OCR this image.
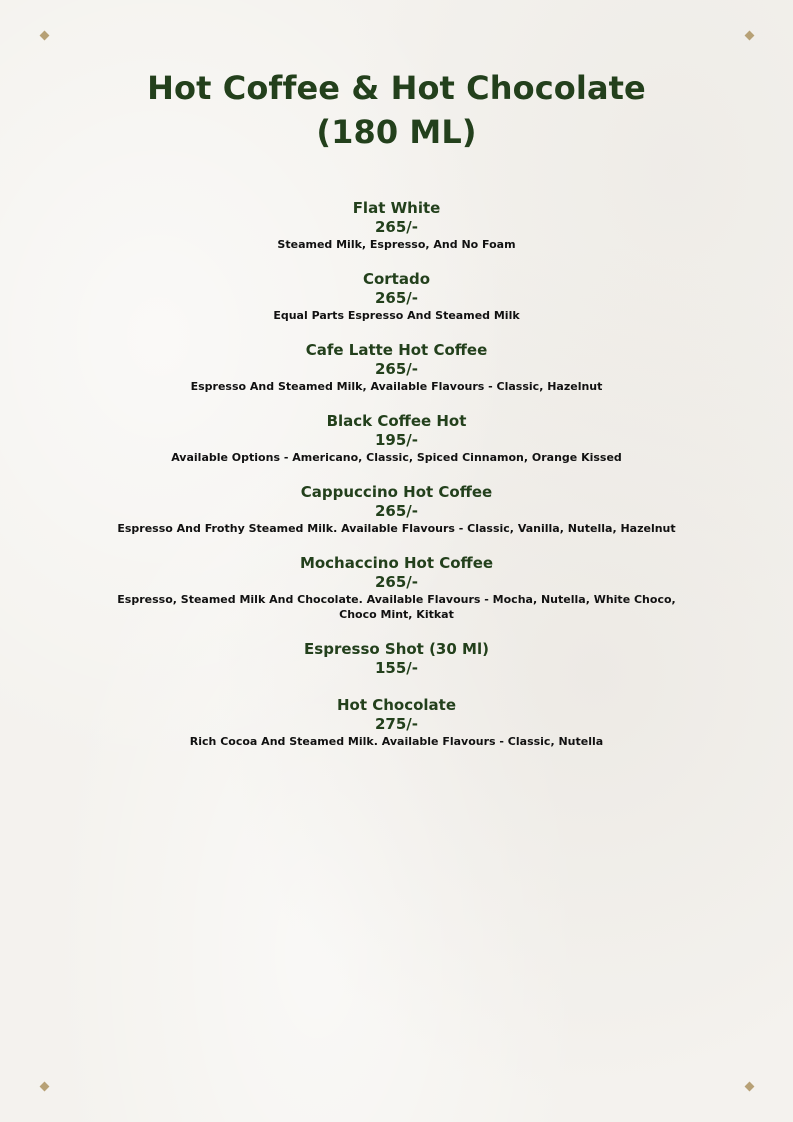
Hot Coffee & Hot Chocolate
(180 ML)
Flat White
265/-
Steamed Milk, Espresso, And No Foam
Cortado
265/-
Equal Parts Espresso And Steamed Milk
Cafe Latte Hot Coffee
265/-
Espresso And Steamed Milk, Available Flavours - Classic, Hazelnut
Black Coffee Hot
195/-
Available Options - Americano, Classic, Spiced Cinnamon, Orange Kissed
Cappuccino Hot Coffee
265/-
Espresso And Frothy Steamed Milk. Available Flavours - Classic, Vanilla, Nutella, Hazelnut
Mochaccino Hot Coffee
265/-
Espresso, Steamed Milk And Chocolate. Available Flavours - Mocha, Nutella, White Choco,
Choco Mint, Kitkat
Espresso Shot (30 Ml)
155/-
Hot Chocolate
275/-
Rich Cocoa And Steamed Milk. Available Flavours - Classic, Nutella
